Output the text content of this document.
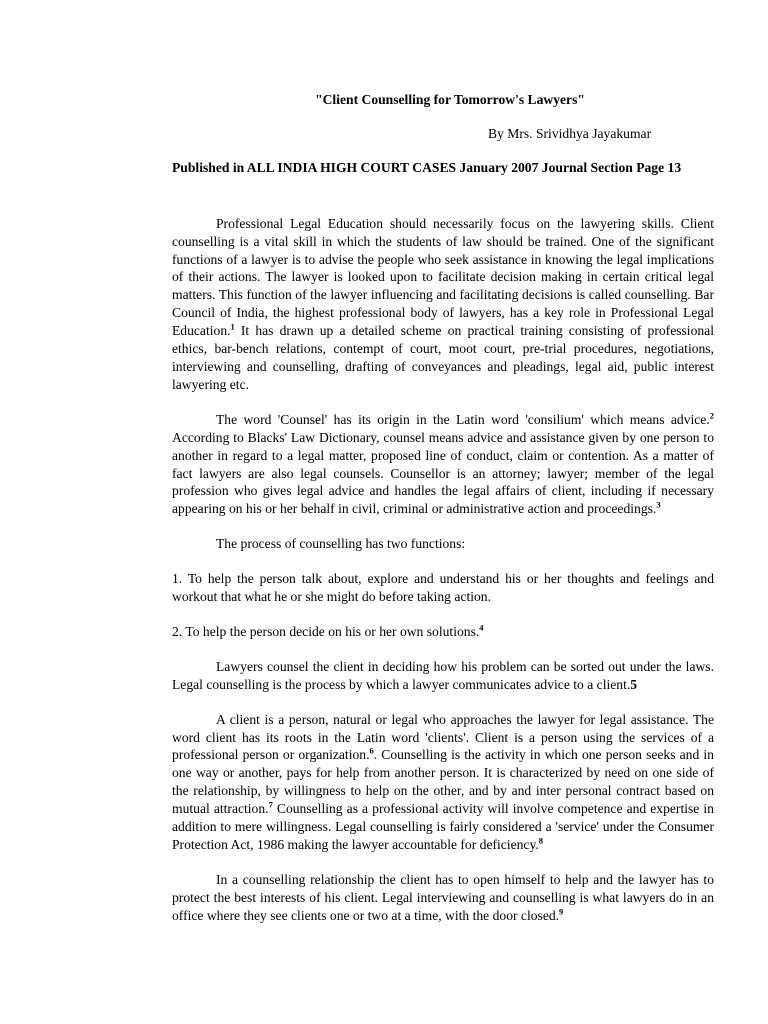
"Client Counselling for Tomorrow's Lawyers"

By Mrs. Srividhya Jayakumar

Published in ALL INDIA HIGH COURT CASES January 2007 Journal Section Page 13

Professional Legal Education should necessarily focus on the lawyering skills. Client counselling is a vital skill in which the students of law should be trained. One of the significant functions of a lawyer is to advise the people who seek assistance in knowing the legal implications of their actions. The lawyer is looked upon to facilitate decision making in certain critical legal matters. This function of the lawyer influencing and facilitating decisions is called counselling. Bar Council of India, the highest professional body of lawyers, has a key role in Professional Legal Education.$^1$ It has drawn up a detailed scheme on practical training consisting of professional ethics, bar-bench relations, contempt of court, moot court, pre-trial procedures, negotiations, interviewing and counselling, drafting of conveyances and pleadings, legal aid, public interest lawyering etc.

The word 'Counsel' has its origin in the Latin word 'consilium' which means advice.$^2$ According to Blacks' Law Dictionary, counsel means advice and assistance given by one person to another in regard to a legal matter, proposed line of conduct, claim or contention. As a matter of fact lawyers are also legal counsels. Counsellor is an attorney; lawyer; member of the legal profession who gives legal advice and handles the legal affairs of client, including if necessary appearing on his or her behalf in civil, criminal or administrative action and proceedings.$^3$

The process of counselling has two functions:

1. To help the person talk about, explore and understand his or her thoughts and feelings and workout that what he or she might do before taking action.

2. To help the person decide on his or her own solutions.$^4$

Lawyers counsel the client in deciding how his problem can be sorted out under the laws. Legal counselling is the process by which a lawyer communicates advice to a client.5

A client is a person, natural or legal who approaches the lawyer for legal assistance. The word client has its roots in the Latin word 'clients'. Client is a person using the services of a professional person or organization.$^6$. Counselling is the activity in which one person seeks and in one way or another, pays for help from another person. It is characterized by need on one side of the relationship, by willingness to help on the other, and by and inter personal contract based on mutual attraction.$^7$ Counselling as a professional activity will involve competence and expertise in addition to mere willingness. Legal counselling is fairly considered a 'service' under the Consumer Protection Act, 1986 making the lawyer accountable for deficiency.$^8$

In a counselling relationship the client has to open himself to help and the lawyer has to protect the best interests of his client. Legal interviewing and counselling is what lawyers do in an office where they see clients one or two at a time, with the door closed.$^9$
